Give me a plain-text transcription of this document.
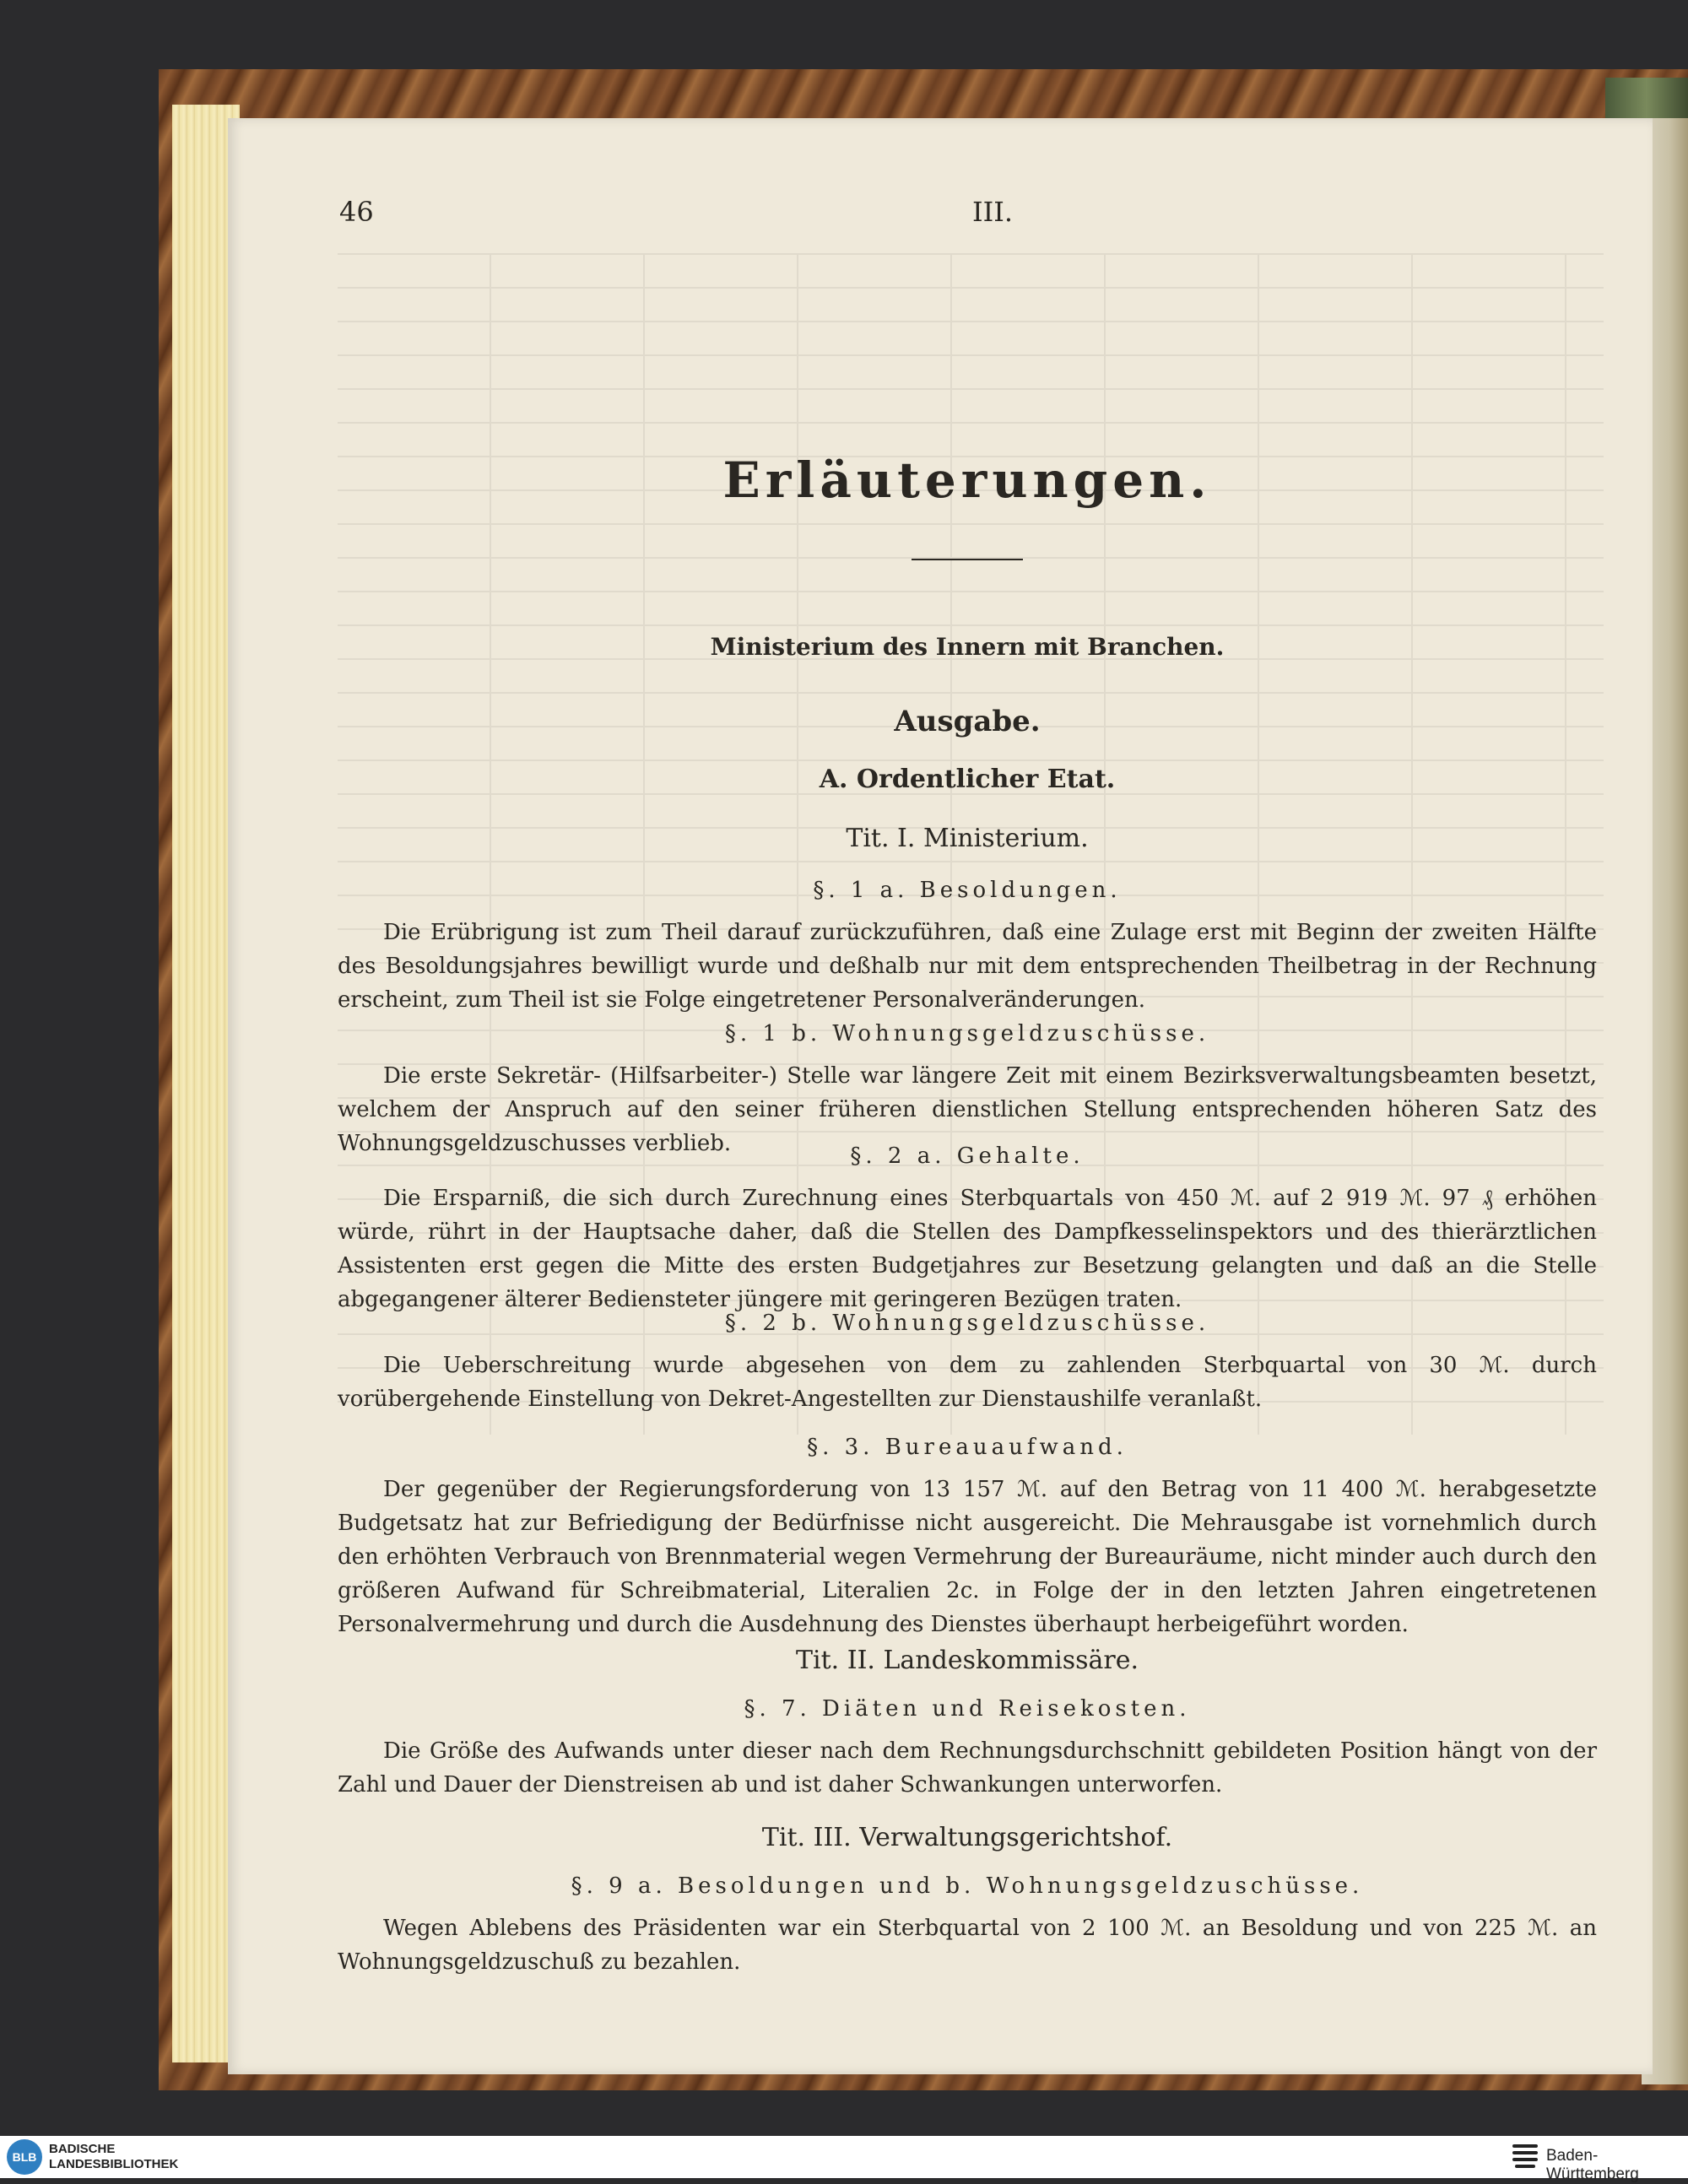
46	III.
Erläuterungen.
Ministerium des Innern mit Branchen.
Ausgabe.
A. Ordentlicher Etat.
Tit. I. Ministerium.
§. 1 a. Besoldungen.
Die Erübrigung ist zum Theil darauf zurückzuführen, daß eine Zulage erst mit Beginn der zweiten Hälfte des Besoldungsjahres bewilligt wurde und deßhalb nur mit dem entsprechenden Theilbetrag in der Rechnung erscheint, zum Theil ist sie Folge eingetretener Personalveränderungen.
§. 1 b. Wohnungsgeldzuschüsse.
Die erste Sekretär- (Hilfsarbeiter-) Stelle war längere Zeit mit einem Bezirksverwaltungsbeamten besetzt, welchem der Anspruch auf den seiner früheren dienstlichen Stellung entsprechenden höheren Satz des Wohnungsgeldzuschusses verblieb.	§. 2 a. Gehalte.
Die Ersparniß, die sich durch Zurechnung eines Sterbquartals von 450 ℳ. auf 2 919 ℳ. 97 ₰ erhöhen würde, rührt in der Hauptsache daher, daß die Stellen des Dampfkesselinspektors und des thierärztlichen Assistenten erst gegen die Mitte des ersten Budgetjahres zur Besetzung gelangten und daß an die Stelle abgegangener älterer Bediensteter jüngere mit geringeren Bezügen traten.
§. 2 b. Wohnungsgeldzuschüsse.
Die Ueberschreitung wurde abgesehen von dem zu zahlenden Sterbquartal von 30 ℳ. durch vorübergehende Einstellung von Dekret-Angestellten zur Dienstaushilfe veranlaßt.
§. 3. Bureauaufwand.
Der gegenüber der Regierungsforderung von 13 157 ℳ. auf den Betrag von 11 400 ℳ. herabgesetzte Budgetsatz hat zur Befriedigung der Bedürfnisse nicht ausgereicht. Die Mehrausgabe ist vornehmlich durch den erhöhten Verbrauch von Brennmaterial wegen Vermehrung der Bureauräume, nicht minder auch durch den größeren Aufwand für Schreibmaterial, Literalien 2c. in Folge der in den letzten Jahren eingetretenen Personalvermehrung und durch die Ausdehnung des Dienstes überhaupt herbeigeführt worden.
Tit. II. Landeskommissäre.
§. 7. Diäten und Reisekosten.
Die Größe des Aufwands unter dieser nach dem Rechnungsdurchschnitt gebildeten Position hängt von der Zahl und Dauer der Dienstreisen ab und ist daher Schwankungen unterworfen.
Tit. III. Verwaltungsgerichtshof.
§. 9 a. Besoldungen und b. Wohnungsgeldzuschüsse.
Wegen Ablebens des Präsidenten war ein Sterbquartal von 2 100 ℳ. an Besoldung und von 225 ℳ. an Wohnungsgeldzuschuß zu bezahlen.
BLB
BADISCHE
LANDESBIBLIOTHEK	Baden-Württemberg
